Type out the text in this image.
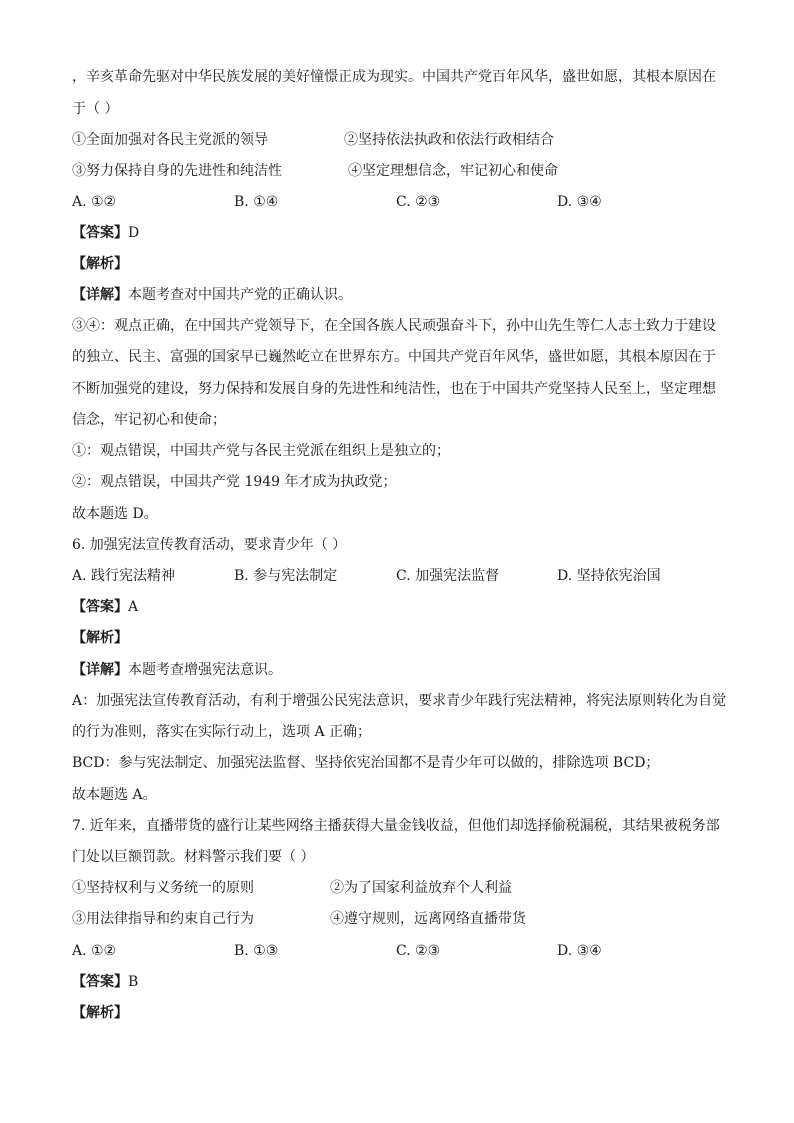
，辛亥革命先驱对中华民族发展的美好憧憬正成为现实。中国共产党百年风华，盛世如愿，其根本原因在
于（ ）
①全面加强对各民主党派的领导	②坚持依法执政和依法行政相结合
③努力保持自身的先进性和纯洁性	④坚定理想信念，牢记初心和使命
A. ①②	B. ①④	C. ②③	D. ③④
【答案】D
【解析】
【详解】本题考查对中国共产党的正确认识。
③④：观点正确，在中国共产党领导下，在全国各族人民顽强奋斗下，孙中山先生等仁人志士致力于建设
的独立、民主、富强的国家早已巍然屹立在世界东方。中国共产党百年风华，盛世如愿，其根本原因在于
不断加强党的建设，努力保持和发展自身的先进性和纯洁性，也在于中国共产党坚持人民至上，坚定理想
信念，牢记初心和使命；
①：观点错误，中国共产党与各民主党派在组织上是独立的；
②：观点错误，中国共产党 1949 年才成为执政党；
故本题选 D。
6. 加强宪法宣传教育活动，要求青少年（ ）
A. 践行宪法精神	B. 参与宪法制定	C. 加强宪法监督	D. 坚持依宪治国
【答案】A
【解析】
【详解】本题考查增强宪法意识。
A：加强宪法宣传教育活动，有利于增强公民宪法意识，要求青少年践行宪法精神，将宪法原则转化为自觉
的行为准则，落实在实际行动上，选项 A 正确；
BCD：参与宪法制定、加强宪法监督、坚持依宪治国都不是青少年可以做的，排除选项 BCD；
故本题选 A。
7. 近年来，直播带货的盛行让某些网络主播获得大量金钱收益，但他们却选择偷税漏税，其结果被税务部
门处以巨额罚款。材料警示我们要（ ）
①坚持权利与义务统一的原则	②为了国家利益放弃个人利益
③用法律指导和约束自己行为	④遵守规则，远离网络直播带货
A. ①②	B. ①③	C. ②③	D. ③④
【答案】B
【解析】
